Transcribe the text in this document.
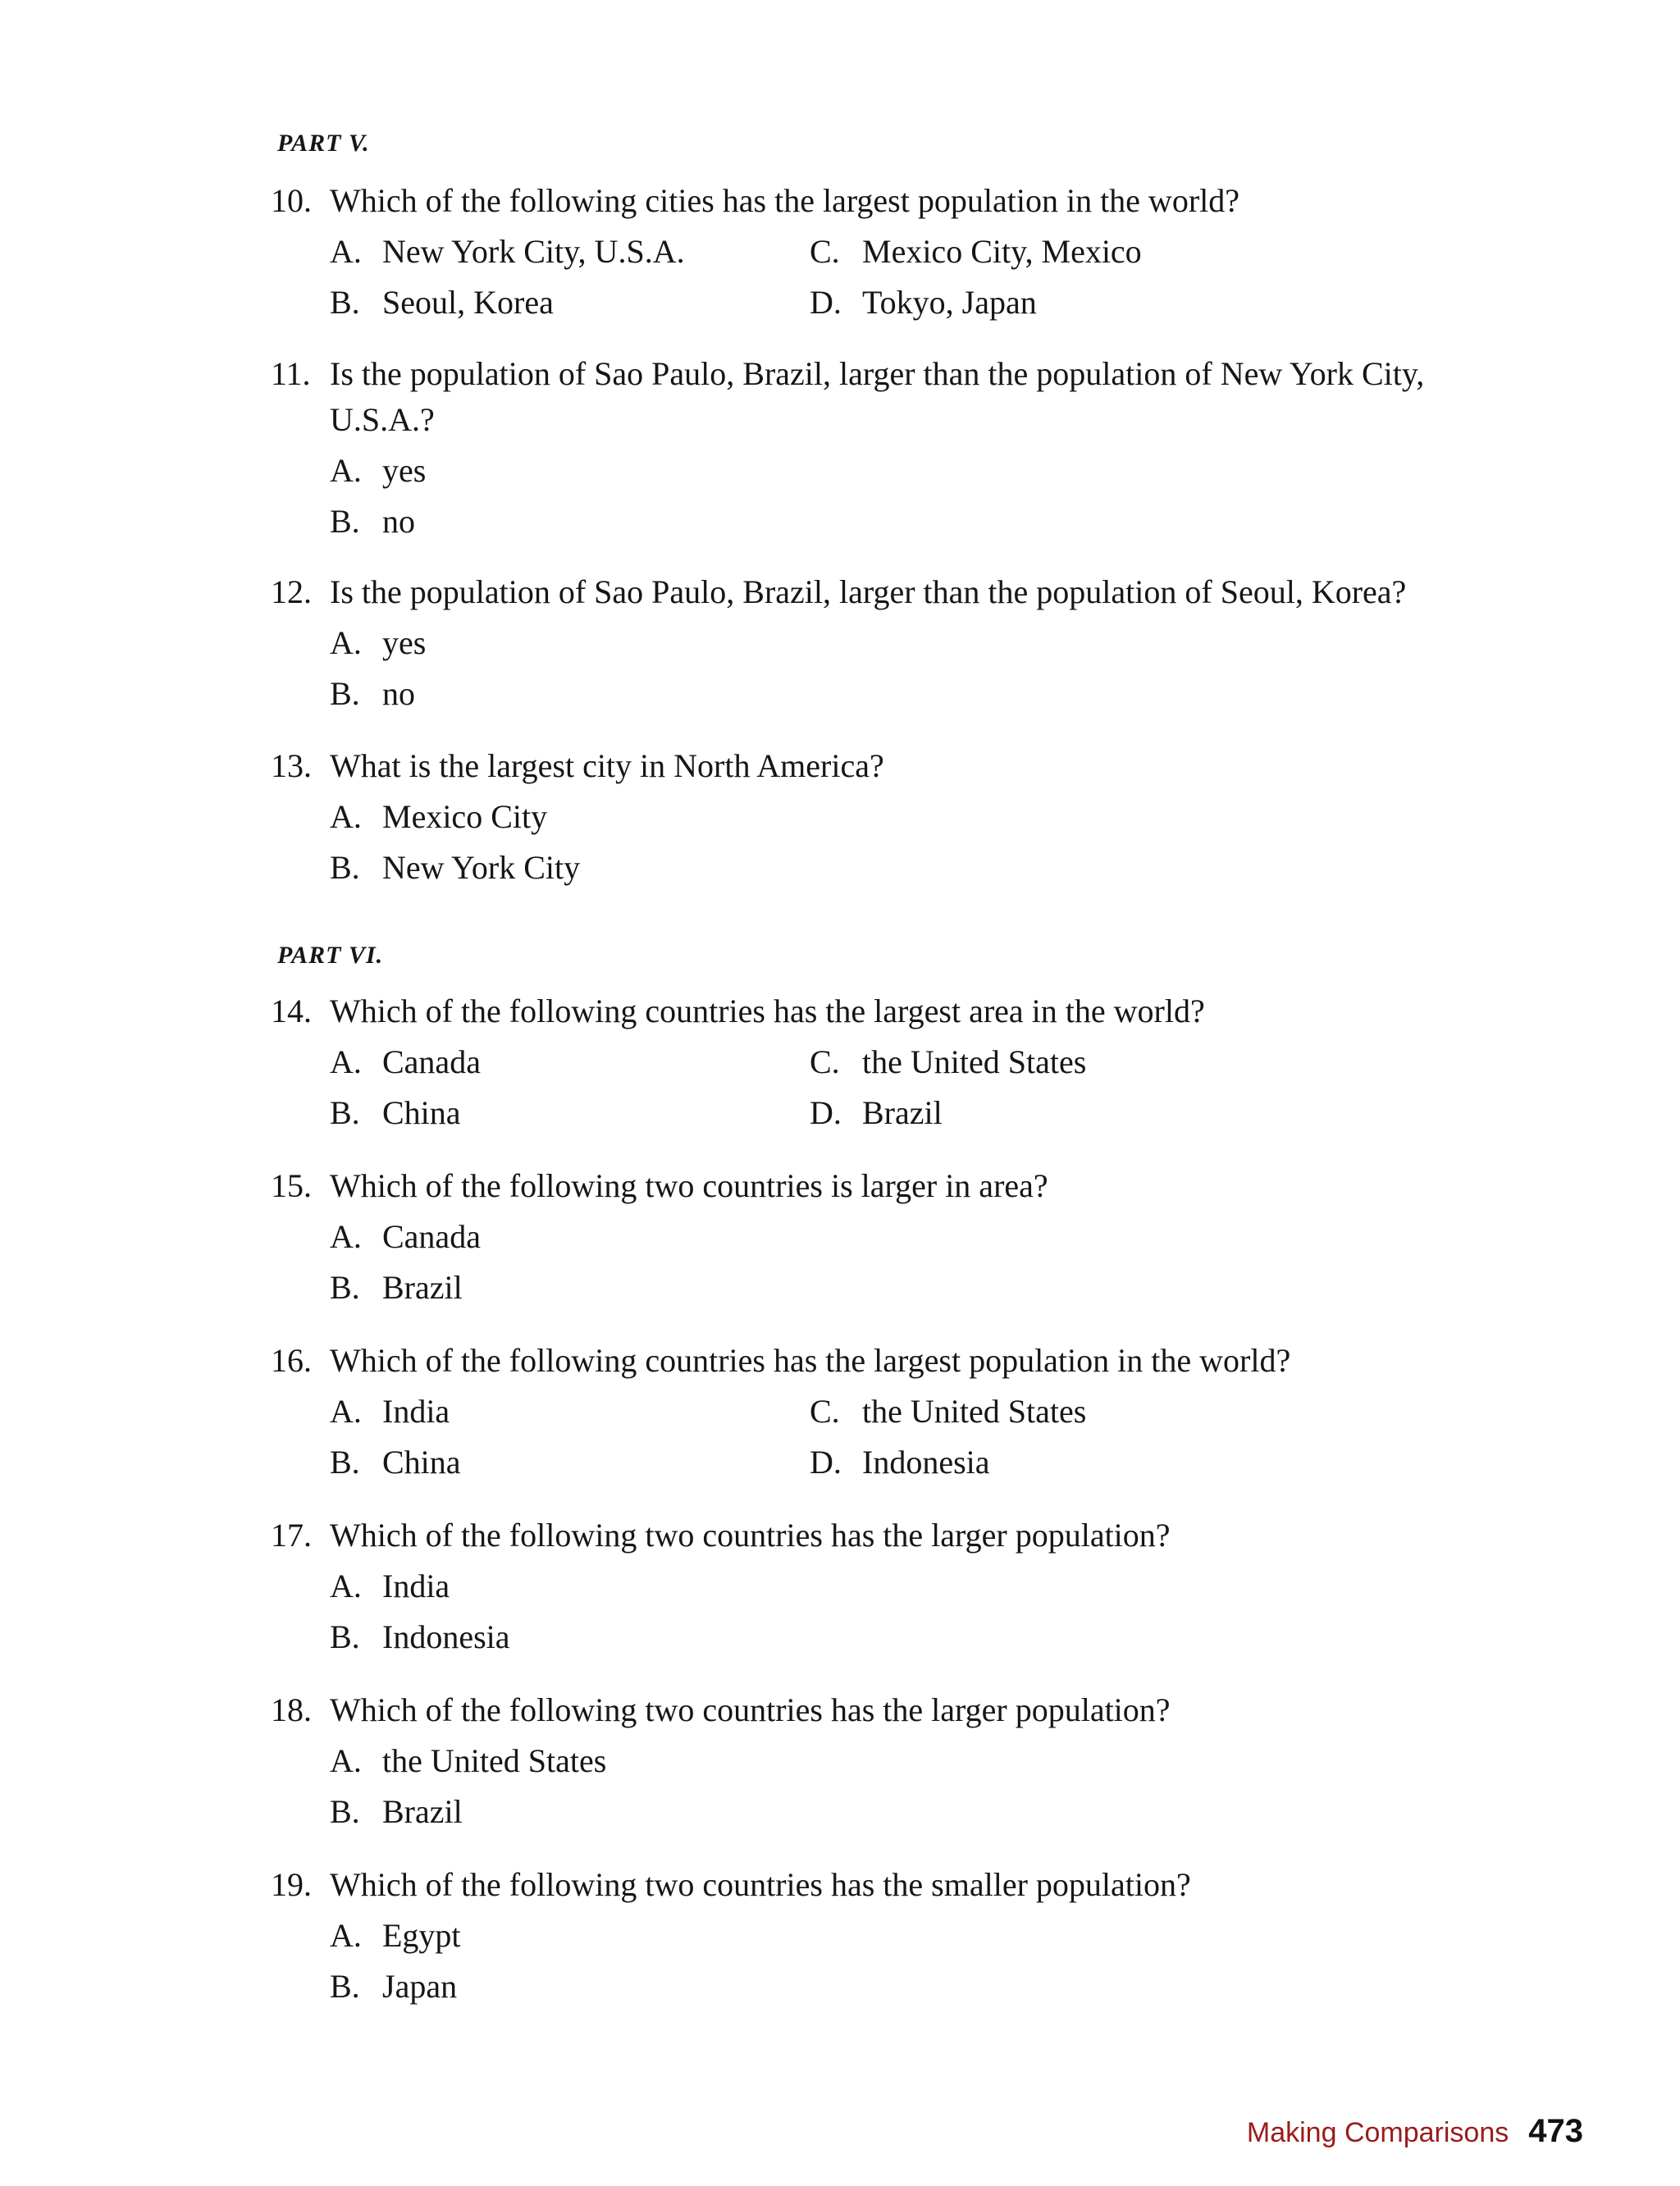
PART V.
10. Which of the following cities has the largest population in the world?
A. New York City, U.S.A.	C. Mexico City, Mexico
B. Seoul, Korea	D. Tokyo, Japan
11. Is the population of Sao Paulo, Brazil, larger than the population of New York City, U.S.A.?
A. yes
B. no
12. Is the population of Sao Paulo, Brazil, larger than the population of Seoul, Korea?
A. yes
B. no
13. What is the largest city in North America?
A. Mexico City
B. New York City
PART VI.
14. Which of the following countries has the largest area in the world?
A. Canada	C. the United States
B. China	D. Brazil
15. Which of the following two countries is larger in area?
A. Canada
B. Brazil
16. Which of the following countries has the largest population in the world?
A. India	C. the United States
B. China	D. Indonesia
17. Which of the following two countries has the larger population?
A. India
B. Indonesia
18. Which of the following two countries has the larger population?
A. the United States
B. Brazil
19. Which of the following two countries has the smaller population?
A. Egypt
B. Japan
Making Comparisons 473
